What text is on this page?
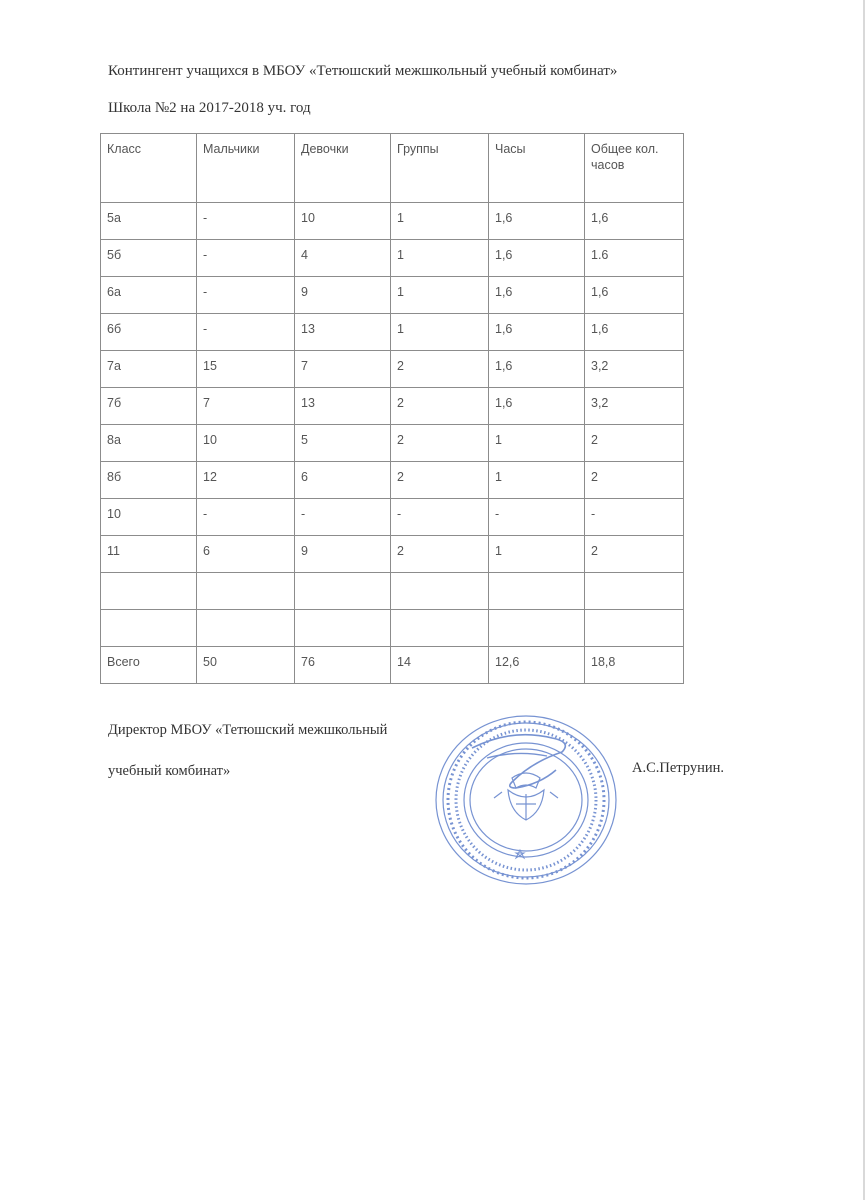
Контингент учащихся в МБОУ «Тетюшский межшкольный учебный комбинат»
Школа №2 на 2017-2018 уч. год
Класс	Мальчики	Девочки	Группы	Часы	Общее кол. часов
5а	-	10	1	1,6	1,6
5б	-	4	1	1,6	1.6
6а	-	9	1	1,6	1,6
6б	-	13	1	1,6	1,6
7а	15	7	2	1,6	3,2
7б	7	13	2	1,6	3,2
8а	10	5	2	1	2
8б	12	6	2	1	2
10	-	-	-	-	-
11	6	9	2	1	2

Всего	50	76	14	12,6	18,8
Директор МБОУ «Тетюшский межшкольный
учебный комбинат»	А.С.Петрунин.
